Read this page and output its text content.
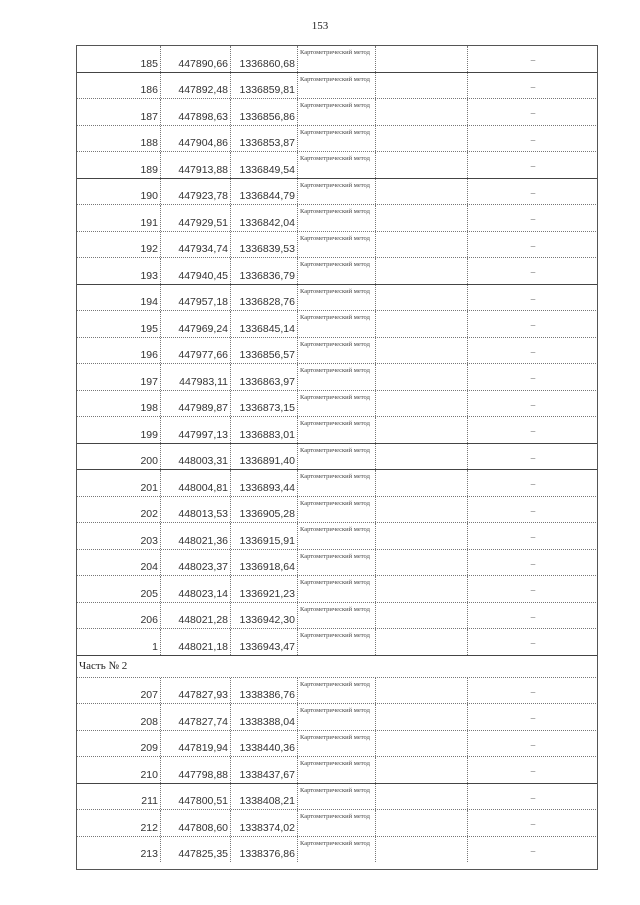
153
185 447890,66 1336860,68
Картометрический метод
–
186 447892,48 1336859,81
Картометрический метод
–
187 447898,63 1336856,86
Картометрический метод
–
188 447904,86 1336853,87
Картометрический метод
–
189 447913,88 1336849,54
Картометрический метод
–
190 447923,78 1336844,79
Картометрический метод
–
191 447929,51 1336842,04
Картометрический метод
–
192 447934,74 1336839,53
Картометрический метод
–
193 447940,45 1336836,79
Картометрический метод
–
194 447957,18 1336828,76
Картометрический метод
–
195 447969,24 1336845,14
Картометрический метод
–
196 447977,66 1336856,57
Картометрический метод
–
197 447983,11 1336863,97
Картометрический метод
–
198 447989,87 1336873,15
Картометрический метод
–
199 447997,13 1336883,01
Картометрический метод
–
200 448003,31 1336891,40
Картометрический метод
–
201 448004,81 1336893,44
Картометрический метод
–
202 448013,53 1336905,28
Картометрический метод
–
203 448021,36 1336915,91
Картометрический метод
–
204 448023,37 1336918,64
Картометрический метод
–
205 448023,14 1336921,23
Картометрический метод
–
206 448021,28 1336942,30
Картометрический метод
–
1 448021,18 1336943,47
Картометрический метод
–
Часть № 2
207 447827,93 1338386,76
Картометрический метод
–
208 447827,74 1338388,04
Картометрический метод
–
209 447819,94 1338440,36
Картометрический метод
–
210 447798,88 1338437,67
Картометрический метод
–
211 447800,51 1338408,21
Картометрический метод
–
212 447808,60 1338374,02
Картометрический метод
–
213 447825,35 1338376,86
Картометрический метод
–
